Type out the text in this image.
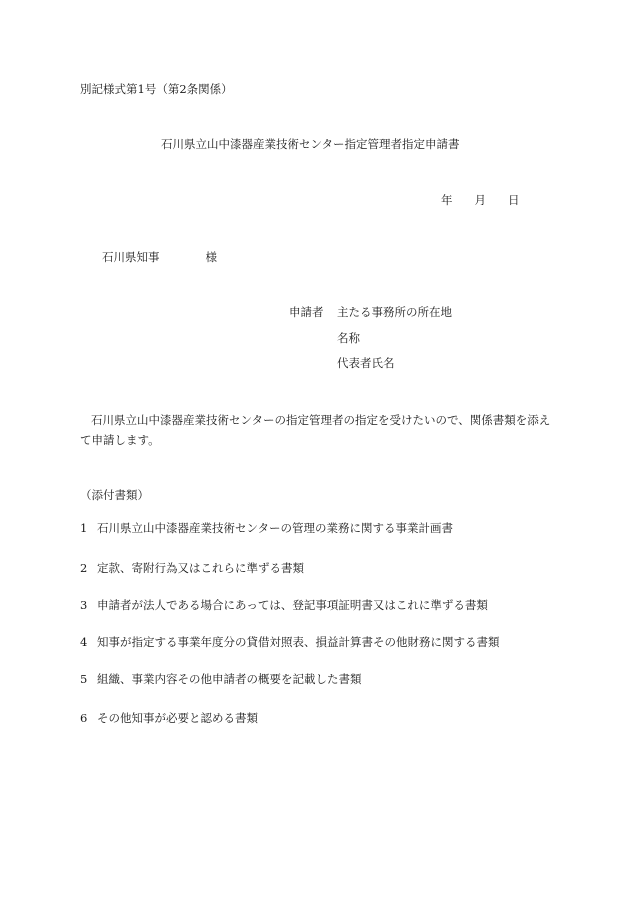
別記様式第1号（第2条関係）
石川県立山中漆器産業技術センター指定管理者指定申請書
年 月 日
石川県知事	様
申請者 主たる事務所の所在地
名称
代表者氏名
石川県立山中漆器産業技術センターの指定管理者の指定を受けたいので、関係書類を添えて申請します。
（添付書類）
1 石川県立山中漆器産業技術センターの管理の業務に関する事業計画書
2 定款、寄附行為又はこれらに準ずる書類
3 申請者が法人である場合にあっては、登記事項証明書又はこれに準ずる書類
4 知事が指定する事業年度分の貸借対照表、損益計算書その他財務に関する書類
5 組織、事業内容その他申請者の概要を記載した書類
6 その他知事が必要と認める書類
